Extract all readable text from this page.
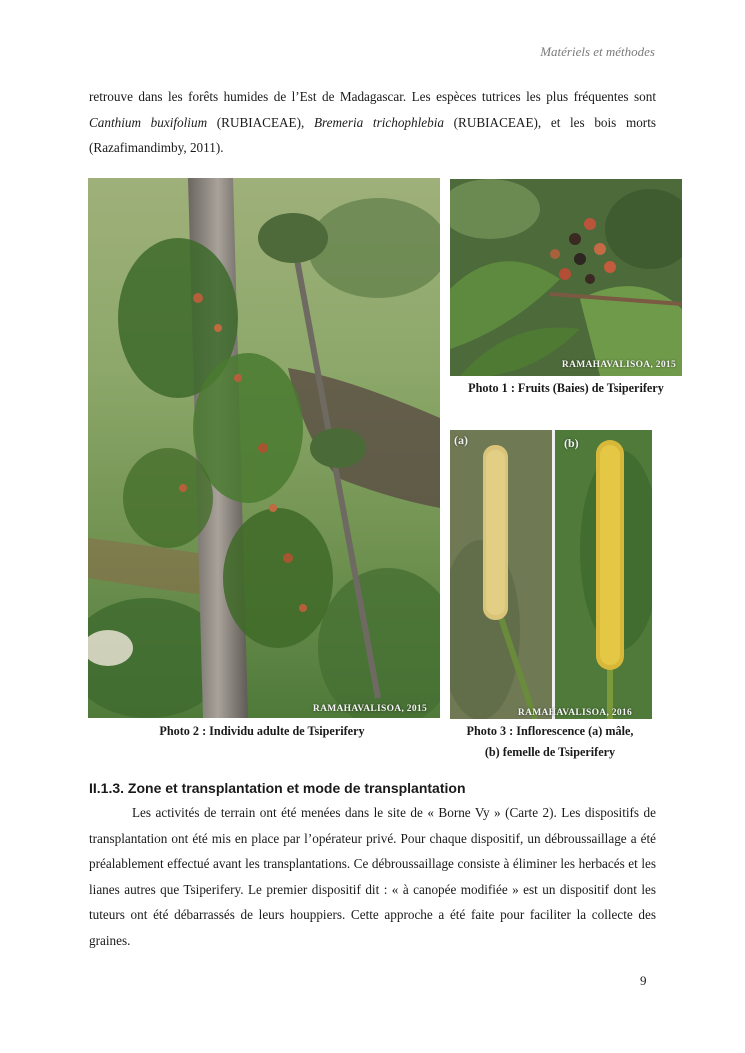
Matériels et méthodes

retrouve dans les forêts humides de l’Est de Madagascar. Les espèces tutrices les plus fréquentes sont Canthium buxifolium (RUBIACEAE), Bremeria trichophlebia (RUBIACEAE), et les bois morts (Razafimandimby, 2011).

RAMAHAVALISOA, 2015
Photo 2 : Individu adulte de Tsiperifery
RAMAHAVALISOA, 2015
Photo 1 : Fruits (Baies) de Tsiperifery
(a)	(b)
RAMAHAVALISOA, 2016
Photo 3 : Inflorescence (a) mâle,
(b) femelle de Tsiperifery
II.1.3. Zone et transplantation et mode de transplantation

Les activités de terrain ont été menées dans le site de « Borne Vy » (Carte 2). Les dispositifs de transplantation ont été mis en place par l’opérateur privé. Pour chaque dispositif, un débroussaillage a été préalablement effectué avant les transplantations. Ce débroussaillage consiste à éliminer les herbacés et les lianes autres que Tsiperifery. Le premier dispositif dit : « à canopée modifiée » est un dispositif dont les tuteurs ont été débarrassés de leurs houppiers. Cette approche a été faite pour faciliter la collecte des graines.

9
